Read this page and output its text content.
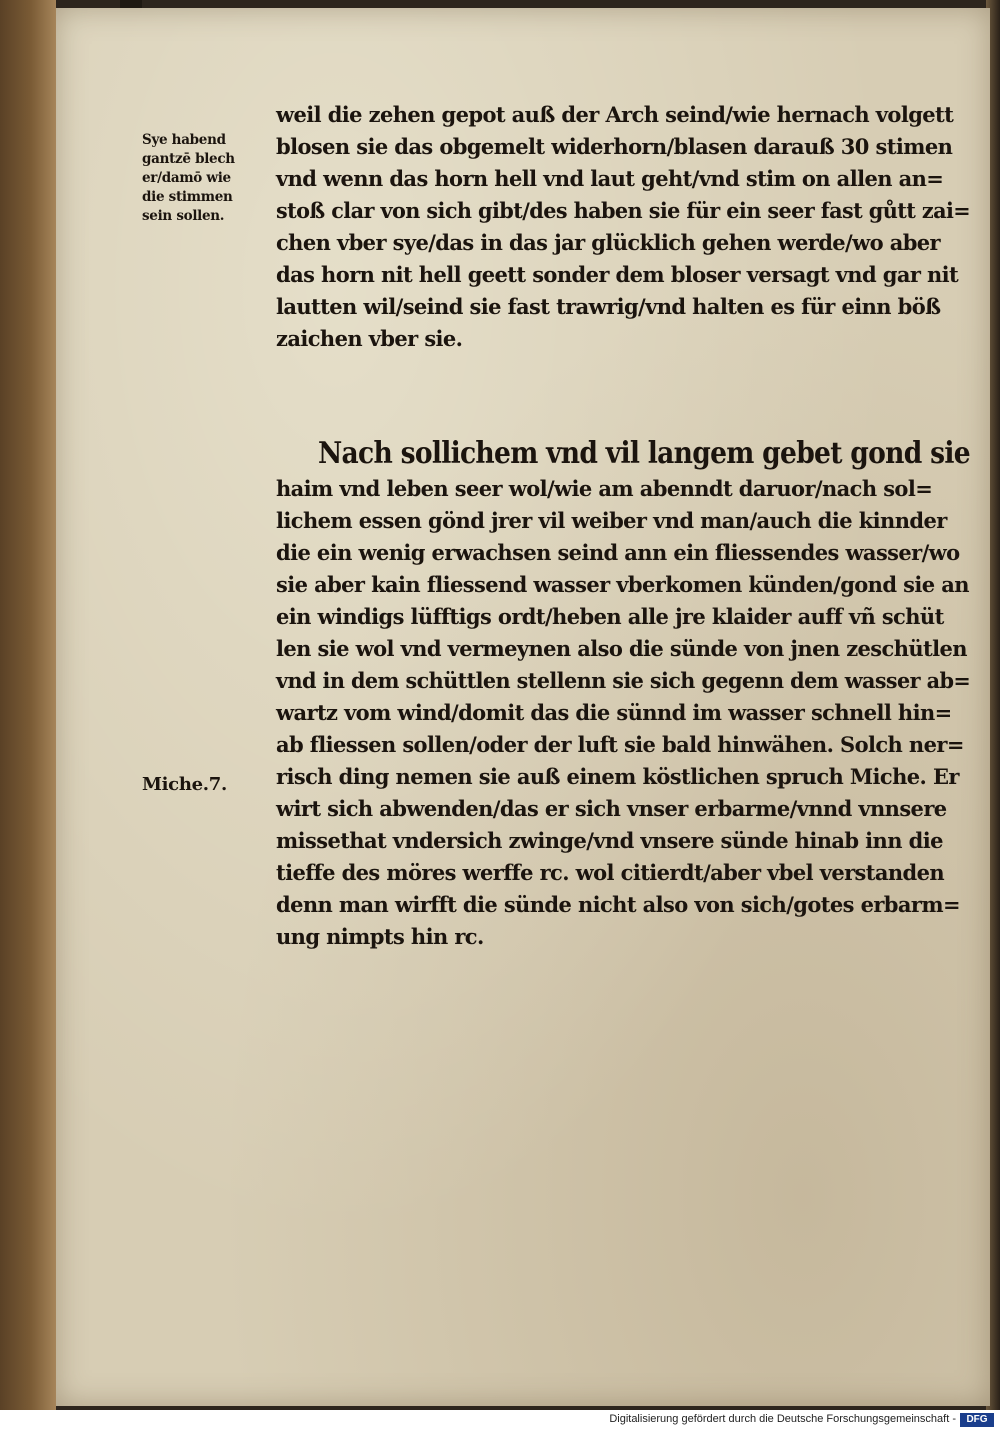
Sye habend
gantzē blech
er/damō wie
die stimmen
sein sollen.
weil die zehen gepot auß der Arch seind/wie hernach volgett
blosen sie das obgemelt widerhorn/blasen darauß 30 stimen
vnd wenn das horn hell vnd laut geht/vnd stim on allen an=
stoß clar von sich gibt/des haben sie für ein seer fast gůtt zai=
chen vber sye/das in das jar glücklich gehen werde/wo aber
das horn nit hell geett sonder dem bloser versagt vnd gar nit
lautten wil/seind sie fast trawrig/vnd halten es für einn böß
zaichen vber sie.
Nach sollichem vnd vil langem gebet gond sie
haim vnd leben seer wol/wie am abenndt daruor/nach sol=
lichem essen gönd jrer vil weiber vnd man/auch die kinnder
die ein wenig erwachsen seind ann ein fliessendes wasser/wo
sie aber kain fliessend wasser vberkomen künden/gond sie an
ein windigs lüfftigs ordt/heben alle jre klaider auff vñ schüt
len sie wol vnd vermeynen also die sünde von jnen zeschütlen
vnd in dem schüttlen stellenn sie sich gegenn dem wasser ab=
wartz vom wind/domit das die sünnd im wasser schnell hin=
ab fliessen sollen/oder der luft sie bald hinwähen. Solch ner=
risch ding nemen sie auß einem köstlichen spruch Miche. Er
wirt sich abwenden/das er sich vnser erbarme/vnnd vnnsere
missethat vndersich zwinge/vnd vnsere sünde hinab inn die
tieffe des möres werffe rc. wol citierdt/aber vbel verstanden
denn man wirfft die sünde nicht also von sich/gotes erbarm=
ung nimpts hin rc.
Miche.7.
Digitalisierung gefördert durch die Deutsche Forschungsgemeinschaft -	DFG
